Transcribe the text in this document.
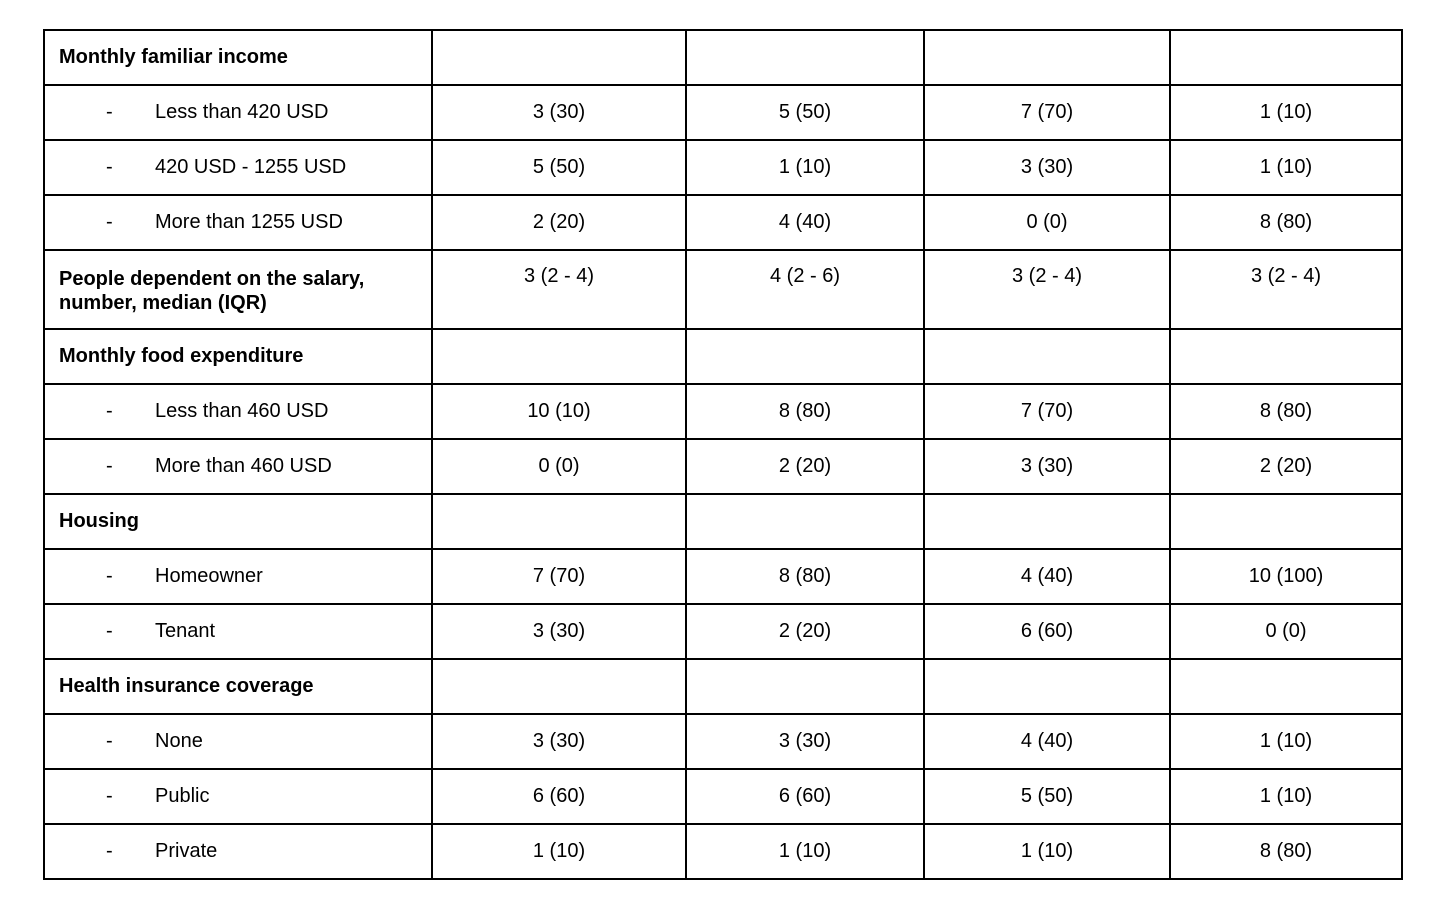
Monthly familiar income				
- Less than 420 USD	3 (30)	5 (50)	7 (70)	1 (10)
- 420 USD - 1255 USD	5 (50)	1 (10)	3 (30)	1 (10)
- More than 1255 USD	2 (20)	4 (40)	0 (0)	8 (80)
People dependent on the salary, number, median (IQR)	3 (2 - 4)	4 (2 - 6)	3 (2 - 4)	3 (2 - 4)
Monthly food expenditure				
- Less than 460 USD	10 (10)	8 (80)	7 (70)	8 (80)
- More than 460 USD	0 (0)	2 (20)	3 (30)	2 (20)
Housing				
- Homeowner	7 (70)	8 (80)	4 (40)	10 (100)
- Tenant	3 (30)	2 (20)	6 (60)	0 (0)
Health insurance coverage				
- None	3 (30)	3 (30)	4 (40)	1 (10)
- Public	6 (60)	6 (60)	5 (50)	1 (10)
- Private	1 (10)	1 (10)	1 (10)	8 (80)
